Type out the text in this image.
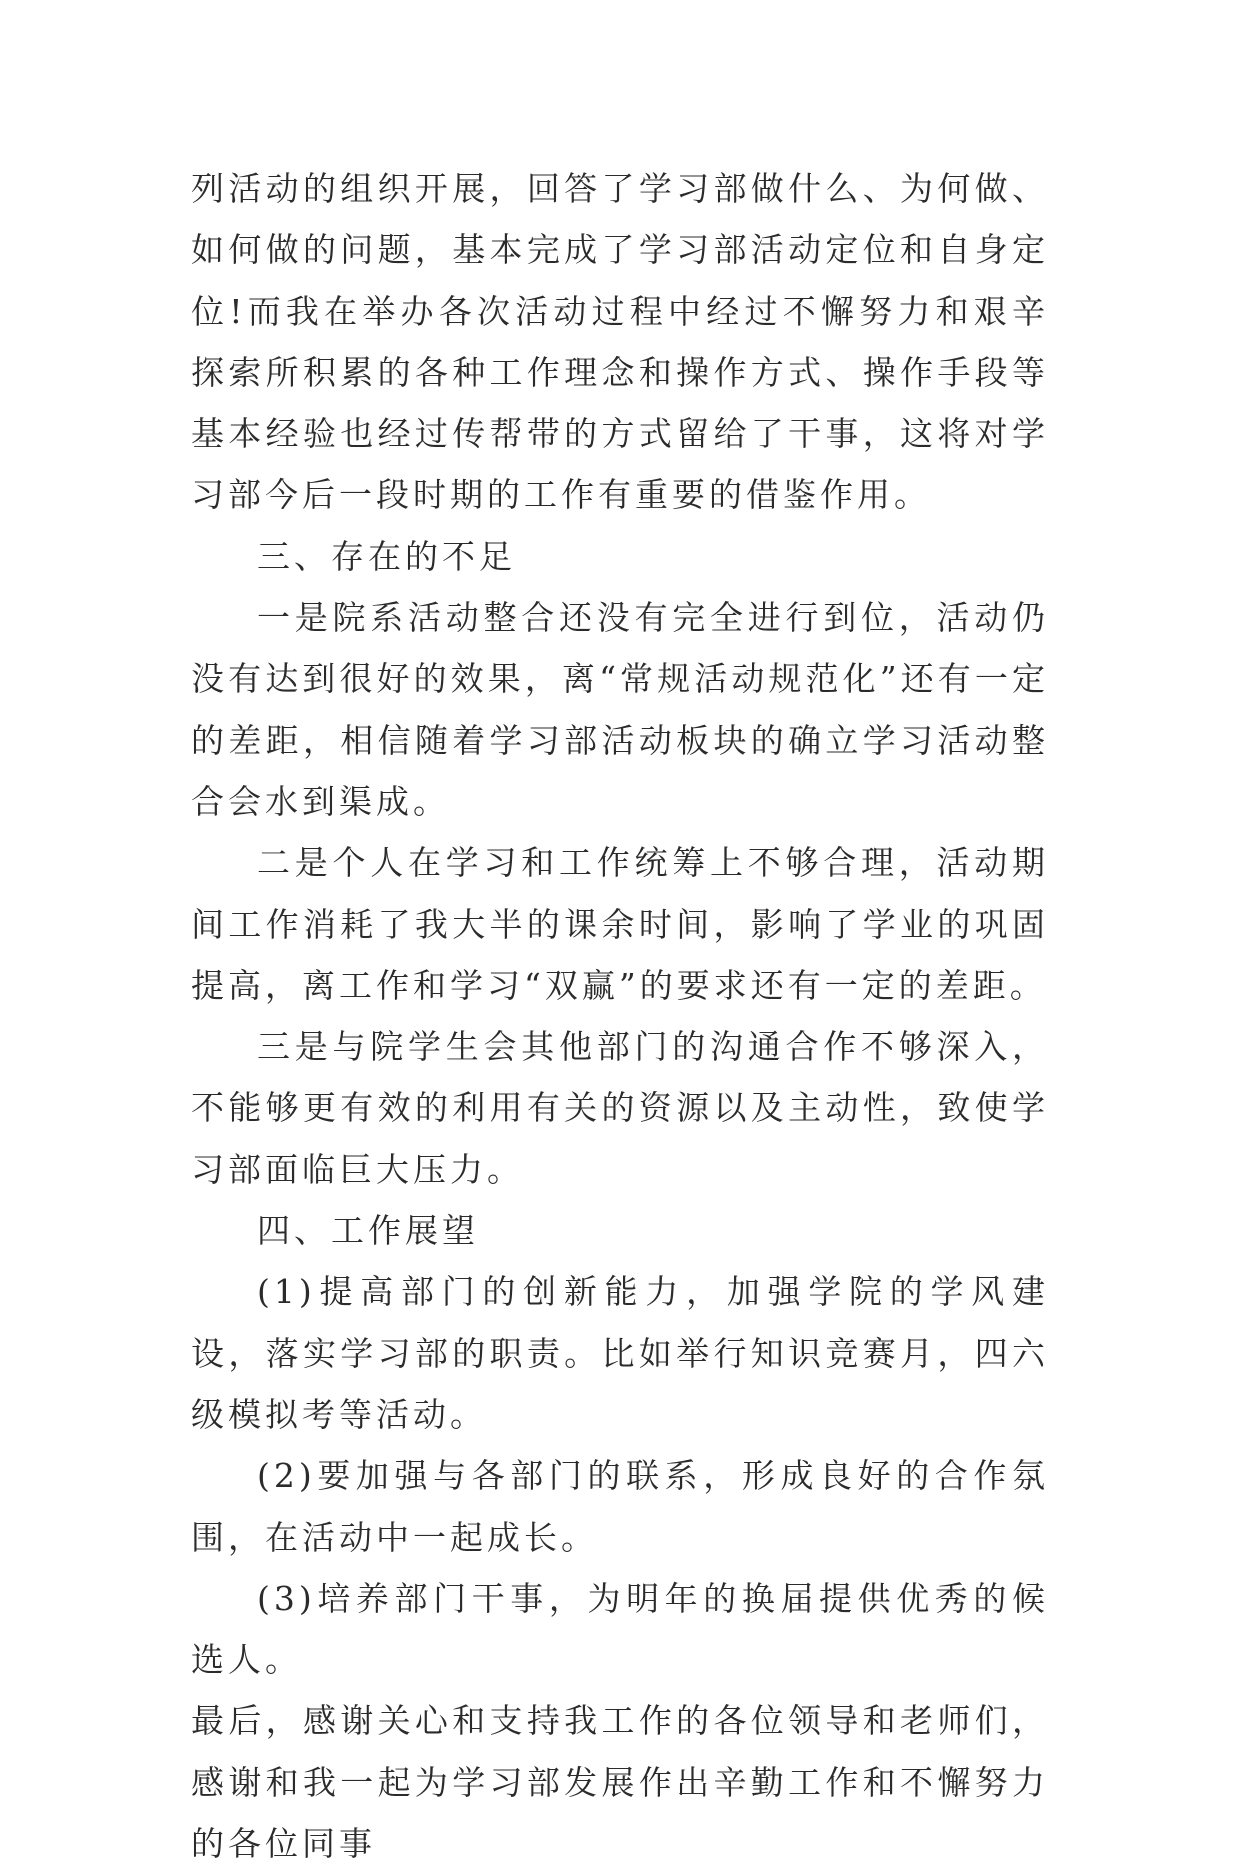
列活动的组织开展，回答了学习部做什么、为何做、如何做的问题，基本完成了学习部活动定位和自身定位!而我在举办各次活动过程中经过不懈努力和艰辛探索所积累的各种工作理念和操作方式、操作手段等基本经验也经过传帮带的方式留给了干事，这将对学习部今后一段时期的工作有重要的借鉴作用。

三、存在的不足

一是院系活动整合还没有完全进行到位，活动仍没有达到很好的效果，离“常规活动规范化”还有一定的差距，相信随着学习部活动板块的确立学习活动整合会水到渠成。

二是个人在学习和工作统筹上不够合理，活动期间工作消耗了我大半的课余时间，影响了学业的巩固提高，离工作和学习“双赢”的要求还有一定的差距。

三是与院学生会其他部门的沟通合作不够深入，不能够更有效的利用有关的资源以及主动性，致使学习部面临巨大压力。

四、工作展望

(1)提高部门的创新能力，加强学院的学风建设，落实学习部的职责。比如举行知识竞赛月，四六级模拟考等活动。

(2)要加强与各部门的联系，形成良好的合作氛围，在活动中一起成长。

(3)培养部门干事，为明年的换届提供优秀的候选人。

最后，感谢关心和支持我工作的各位领导和老师们，感谢和我一起为学习部发展作出辛勤工作和不懈努力的各位同事
